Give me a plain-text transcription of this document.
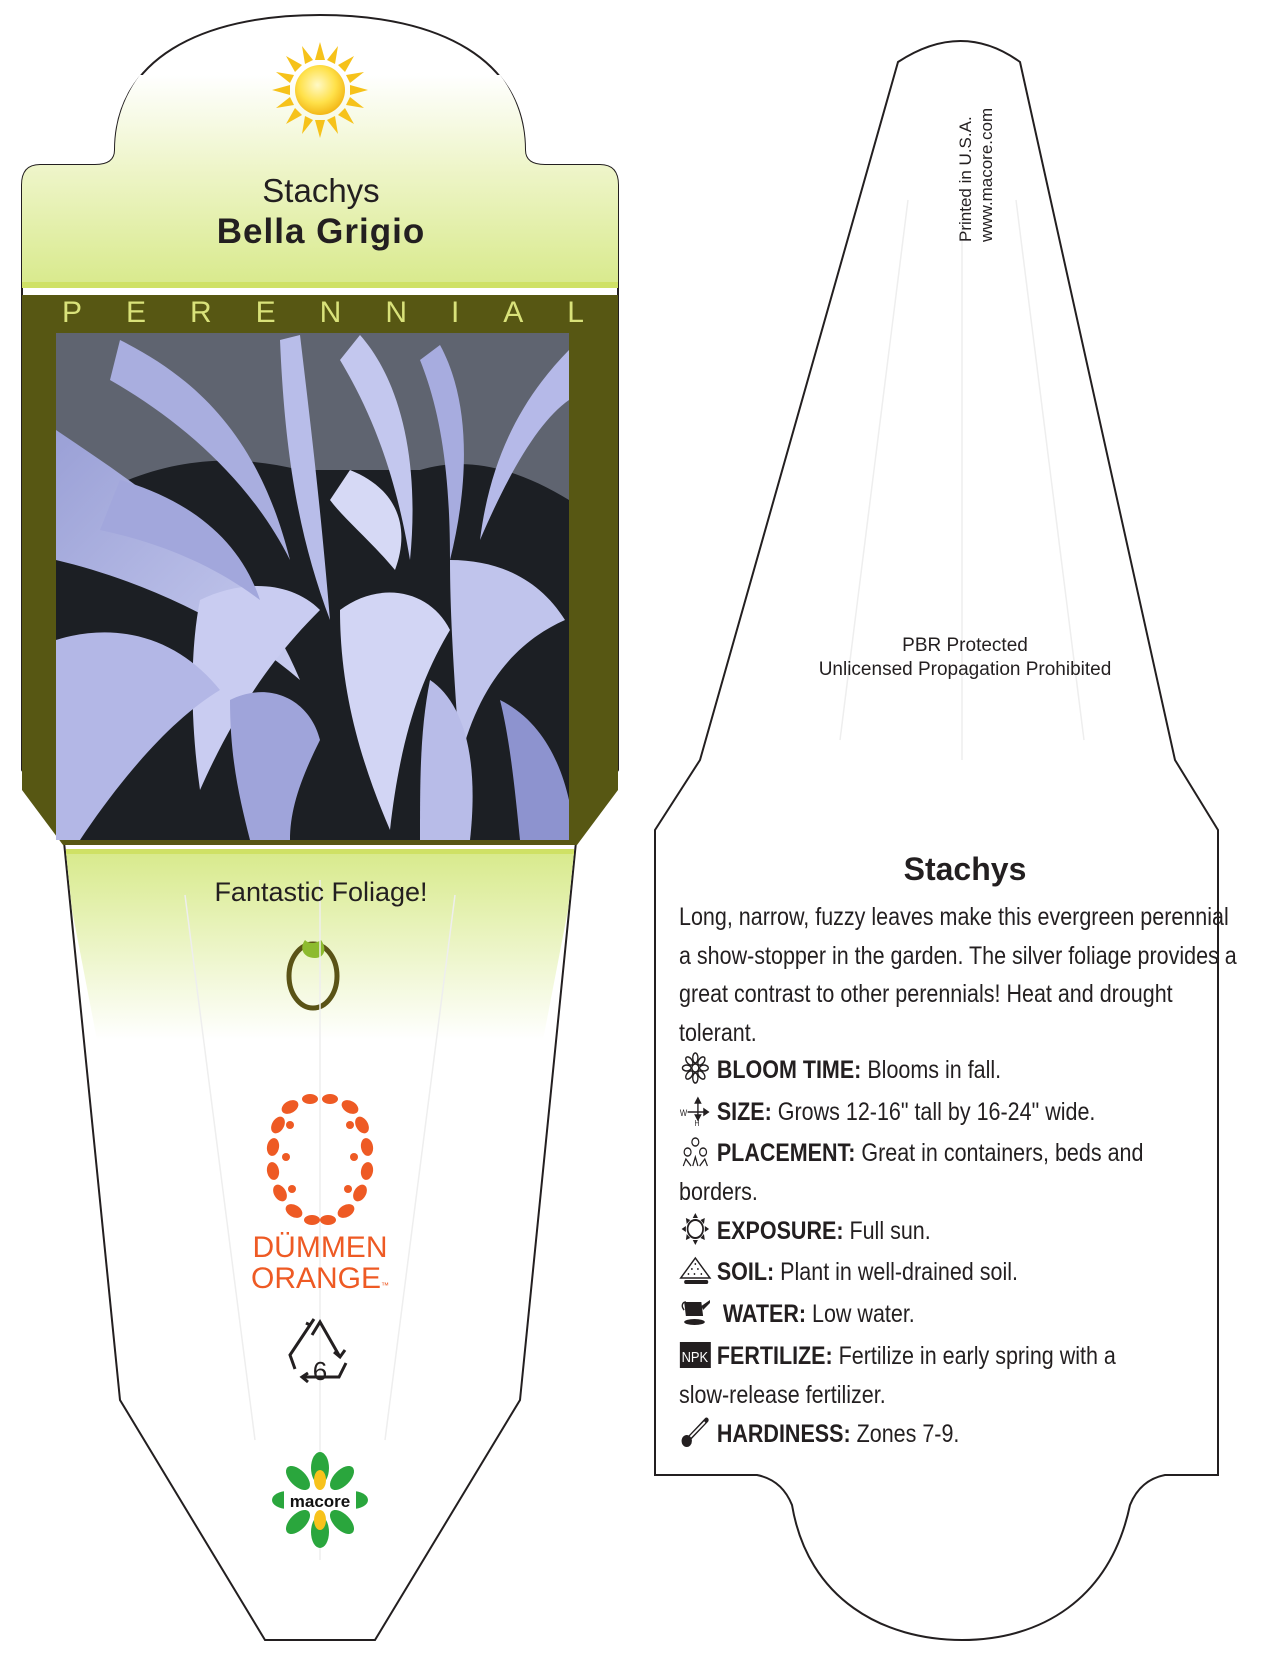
Stachys
Bella Grigio
P E R E N N I A L
Fantastic Foliage!
DÜMMEN
ORANGE™
6
macore
Printed in U.S.A. www.macore.com
PBR Protected
Unlicensed Propagation Prohibited
Stachys
Long, narrow, fuzzy leaves make this evergreen perennial a show-stopper in the garden. The silver foliage provides a great contrast to other perennials! Heat and drought tolerant.
BLOOM TIME: Blooms in fall.
W
H SIZE: Grows 12-16" tall by 16-24" wide.
PLACEMENT: Great in containers, beds and borders.
EXPOSURE: Full sun.
SOIL: Plant in well-drained soil.
WATER: Low water.
NPK FERTILIZE: Fertilize in early spring with a slow-release fertilizer.
HARDINESS: Zones 7-9.
